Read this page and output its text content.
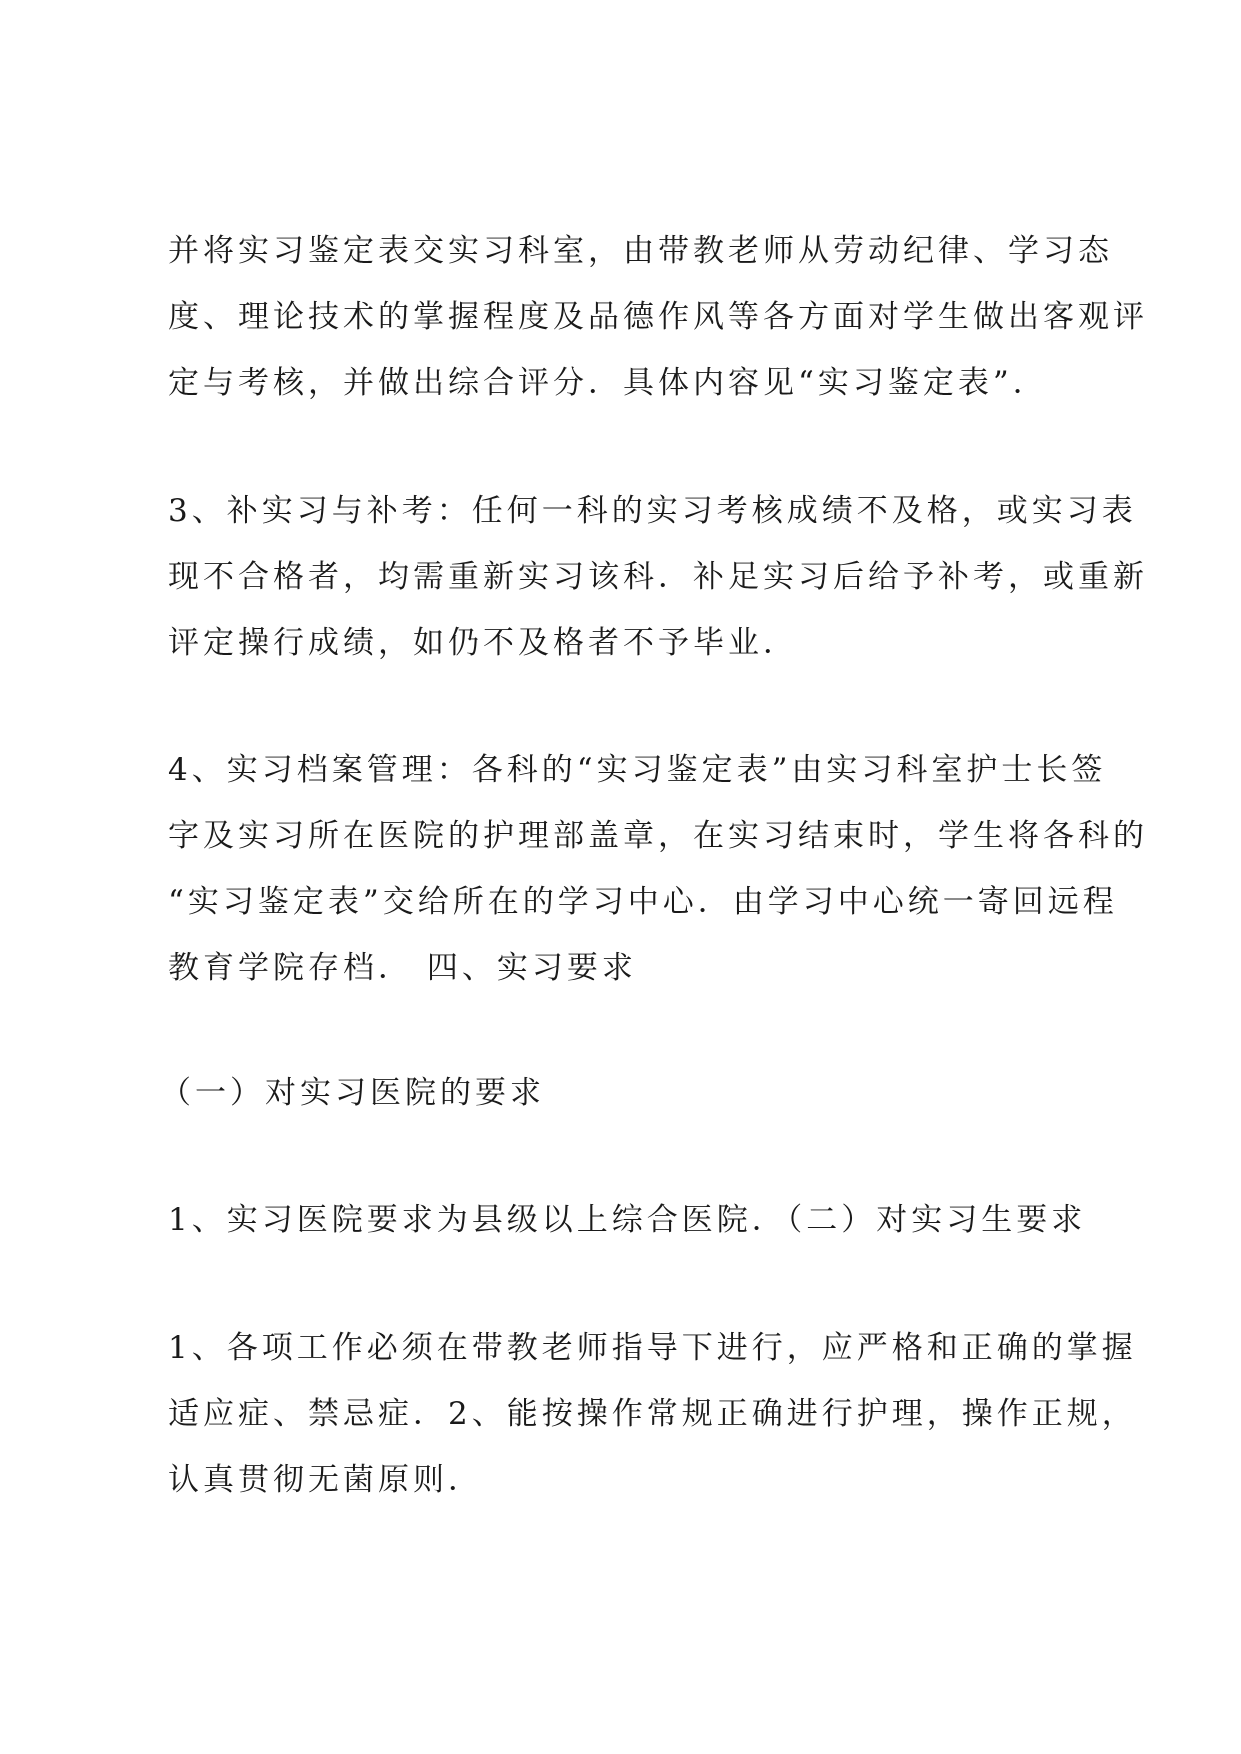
并将实习鉴定表交实习科室，由带教老师从劳动纪律、学习态
度、理论技术的掌握程度及品德作风等各方面对学生做出客观评
定与考核，并做出综合评分．具体内容见“实习鉴定表”．

3、补实习与补考：任何一科的实习考核成绩不及格，或实习表
现不合格者，均需重新实习该科．补足实习后给予补考，或重新
评定操行成绩，如仍不及格者不予毕业．

4、实习档案管理：各科的“实习鉴定表”由实习科室护士长签
字及实习所在医院的护理部盖章，在实习结束时，学生将各科的
“实习鉴定表”交给所在的学习中心．由学习中心统一寄回远程
教育学院存档． 四、实习要求

（一）对实习医院的要求

1、实习医院要求为县级以上综合医院．（二）对实习生要求

1、各项工作必须在带教老师指导下进行，应严格和正确的掌握
适应症、禁忌症．2、能按操作常规正确进行护理，操作正规，
认真贯彻无菌原则．
